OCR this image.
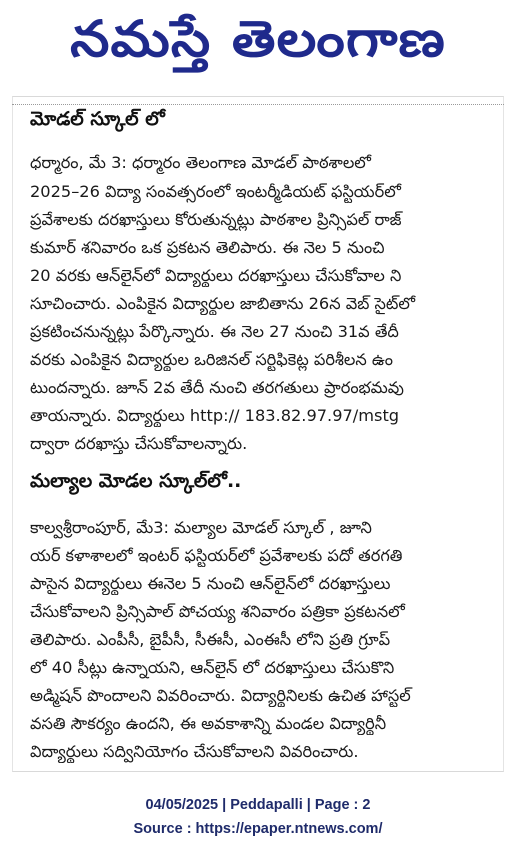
నమస్తే తెలంగాణ
మోడల్ స్కూల్ లో
ధర్మారం, మే 3: ధర్మారం తెలంగాణ మోడల్ పాఠశాలలో
2025–26 విద్యా సంవత్సరంలో ఇంటర్మీడియట్ ఫస్టియర్‌లో
ప్రవేశాలకు దరఖాస్తులు కోరుతున్నట్లు పాఠశాల ప్రిన్సిపల్ రాజ్
కుమార్ శనివారం ఒక ప్రకటన తెలిపారు. ఈ నెల 5 నుంచి
20 వరకు ఆన్‌లైన్‌లో విద్యార్థులు దరఖాస్తులు చేసుకోవాల ని
సూచించారు. ఎంపికైన విద్యార్థుల జాబితాను 26న వెబ్ సైట్‌లో
ప్రకటించనున్నట్లు పేర్కొన్నారు. ఈ నెల 27 నుంచి 31వ తేదీ
వరకు ఎంపికైన విద్యార్థుల ఒరిజినల్ సర్టిఫికెట్ల పరిశీలన ఉం
టుందన్నారు. జూన్ 2వ తేదీ నుంచి తరగతులు ప్రారంభమవు
తాయన్నారు. విద్యార్థులు http:// 183.82.97.97/mstg
ద్వారా దరఖాస్తు చేసుకోవాలన్నారు.
మల్యాల మోడల స్కూల్‌లో..
కాల్వశ్రీరాంపూర్, మే3: మల్యాల మోడల్ స్కూల్ , జూని
యర్ కళాశాలలో ఇంటర్ ఫస్టియర్‌లో ప్రవేశాలకు పదో తరగతి
పాసైన విద్యార్థులు ఈనెల 5 నుంచి ఆన్‌లైన్‌లో దరఖాస్తులు
చేసుకోవాలని ప్రిన్సిపాల్ పోచయ్య శనివారం పత్రికా ప్రకటనలో
తెలిపారు. ఎంపీసీ, బైపీసీ, సీఈసీ, ఎంఈసీ లోని ప్రతి గ్రూప్
లో 40 సీట్లు ఉన్నాయని, ఆన్‌లైన్ లో దరఖాస్తులు చేసుకొని
అడ్మిషన్ పొందాలని వివరించారు. విద్యార్థినిలకు ఉచిత హాస్టల్
వసతి సౌకర్యం ఉందని, ఈ అవకాశాన్ని మండల విద్యార్థినీ
విద్యార్థులు సద్వినియోగం చేసుకోవాలని వివరించారు.
04/05/2025 | Peddapalli | Page : 2
Source : https://epaper.ntnews.com/
